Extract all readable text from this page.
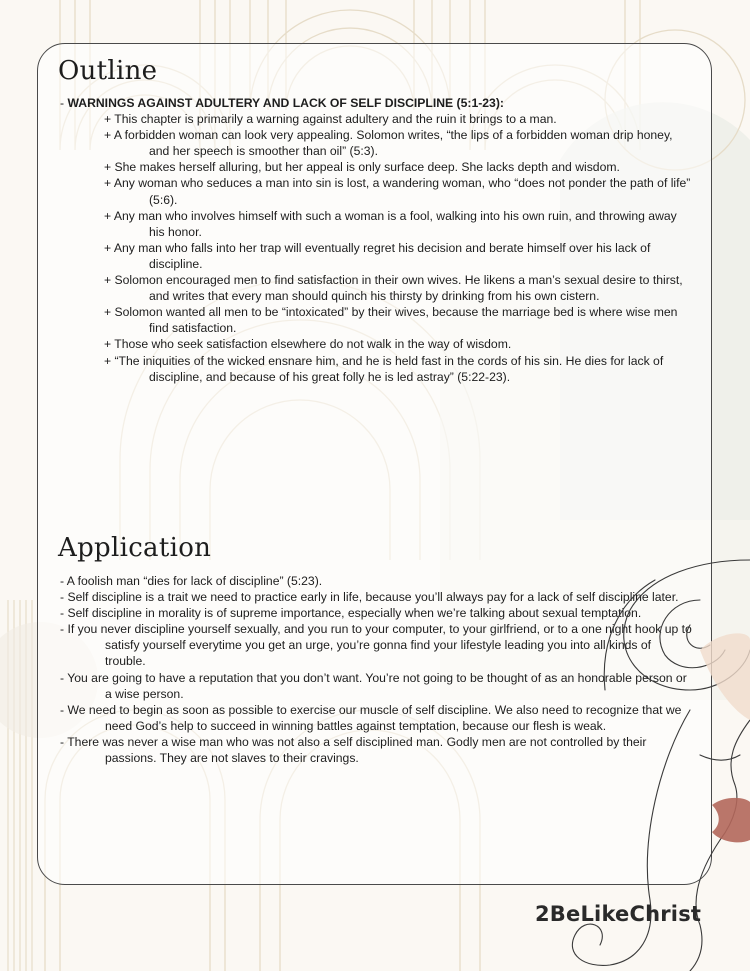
Outline

- WARNINGS AGAINST ADULTERY AND LACK OF SELF DISCIPLINE (5:1-23):

+ This chapter is primarily a warning against adultery and the ruin it brings to a man.
+ A forbidden woman can look very appealing. Solomon writes, “the lips of a forbidden woman drip honey, and her speech is smoother than oil” (5:3).
+ She makes herself alluring, but her appeal is only surface deep. She lacks depth and wisdom.
+ Any woman who seduces a man into sin is lost, a wandering woman, who “does not ponder the path of life” (5:6).
+ Any man who involves himself with such a woman is a fool, walking into his own ruin, and throwing away his honor.
+ Any man who falls into her trap will eventually regret his decision and berate himself over his lack of discipline.
+ Solomon encouraged men to find satisfaction in their own wives. He likens a man’s sexual desire to thirst, and writes that every man should quinch his thirsty by drinking from his own cistern.
+ Solomon wanted all men to be “intoxicated” by their wives, because the marriage bed is where wise men find satisfaction.
+ Those who seek satisfaction elsewhere do not walk in the way of wisdom.
+ “The iniquities of the wicked ensnare him, and he is held fast in the cords of his sin. He dies for lack of discipline, and because of his great folly he is led astray” (5:22-23).
Application
- A foolish man “dies for lack of discipline” (5:23).
- Self discipline is a trait we need to practice early in life, because you’ll always pay for a lack of self discipline later.
- Self discipline in morality is of supreme importance, especially when we’re talking about sexual temptation.
- If you never discipline yourself sexually, and you run to your computer, to your girlfriend, or to a one night hook up to satisfy yourself everytime you get an urge, you’re gonna find your lifestyle leading you into all kinds of trouble.
- You are going to have a reputation that you don’t want. You’re not going to be thought of as an honorable person or a wise person.
- We need to begin as soon as possible to exercise our muscle of self discipline. We also need to recognize that we need God’s help to succeed in winning battles against temptation, because our flesh is weak.
- There was never a wise man who was not also a self disciplined man. Godly men are not controlled by their passions. They are not slaves to their cravings.
2BeLikeChrist
